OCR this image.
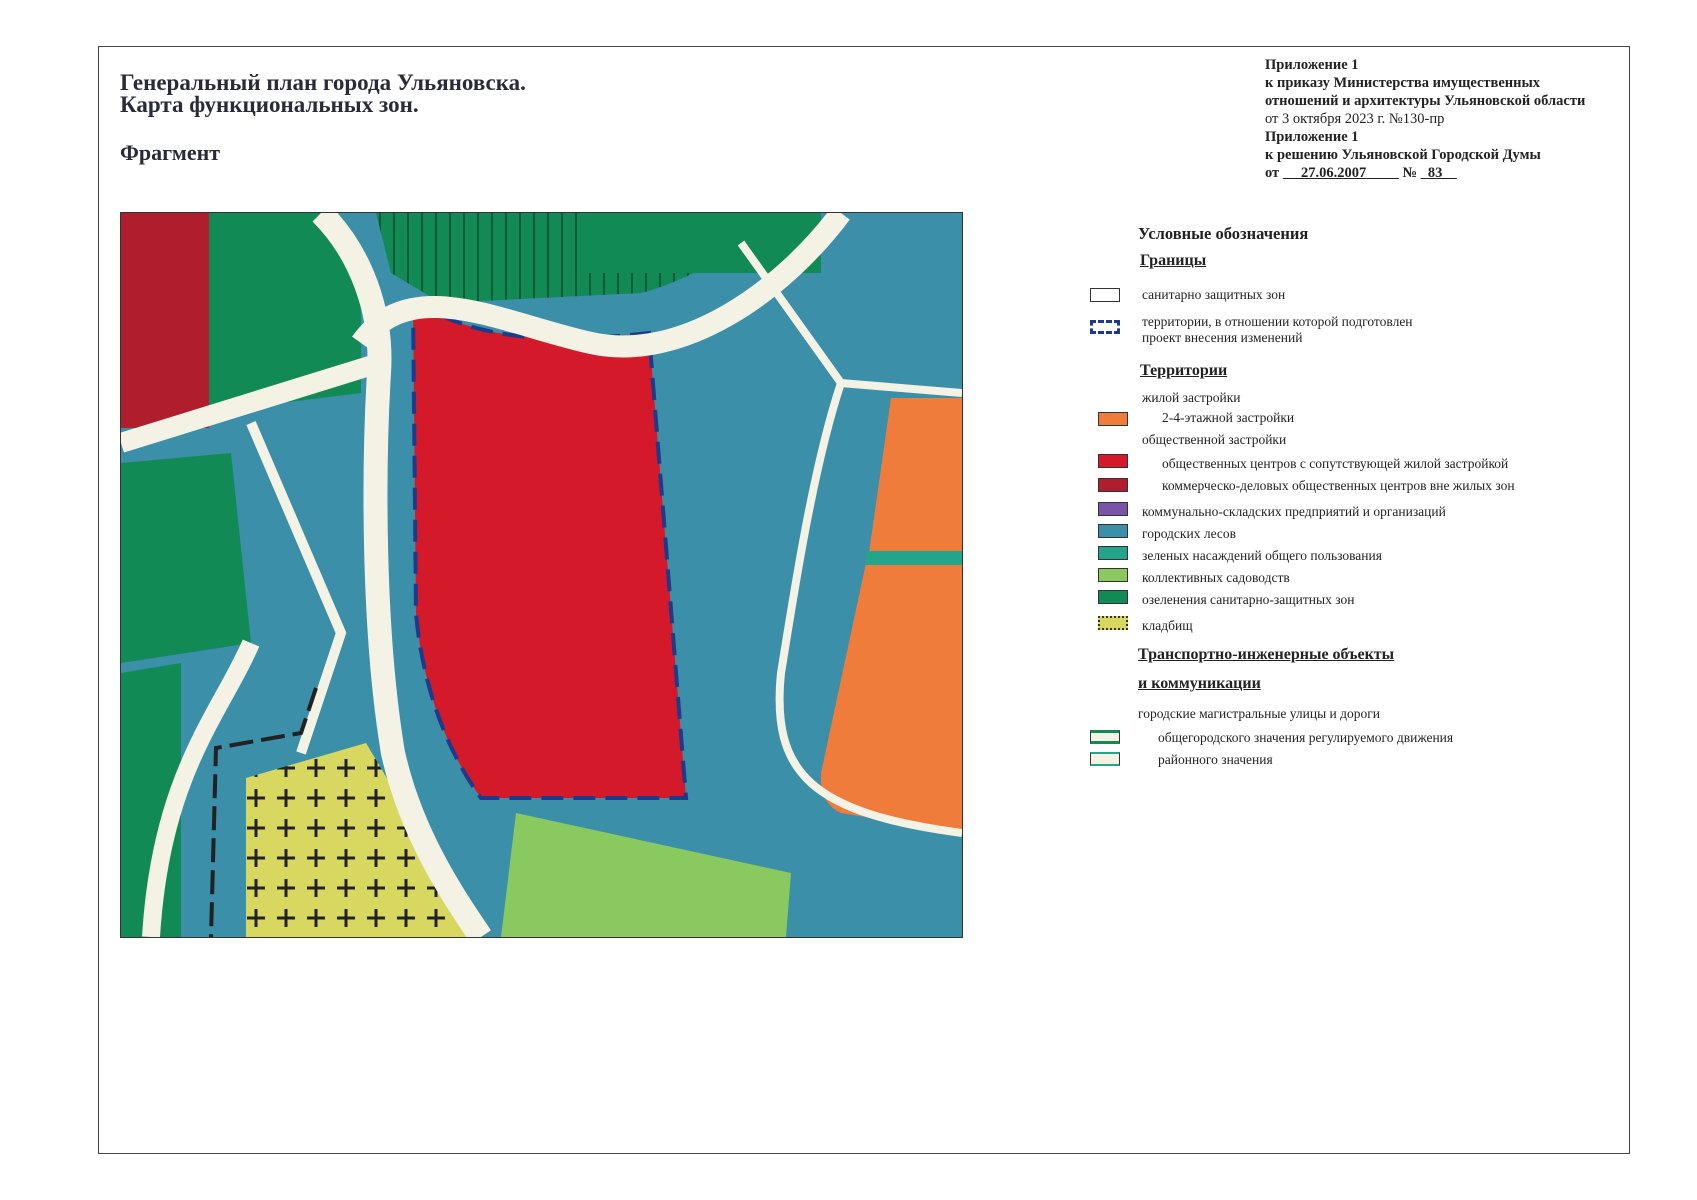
Генеральный план города Ульяновска.
Карта функциональных зон.
Фрагмент
Приложение 1
к приказу Министерства имущественных
отношений и архитектуры Ульяновской области
от 3 октября 2023 г. №130-пр
Приложение 1
к решению Ульяновской Городской Думы
от 27.06.2007	№ 83
Условные обозначения
Границы
санитарно защитных зон
территории, в отношении которой подготовлен
проект внесения изменений
Территории
жилой застройки
2-4-этажной застройки
общественной застройки
общественных центров с сопутствующей жилой застройкой
коммерческо-деловых общественных центров вне жилых зон
коммунально-складских предприятий и организаций
городских лесов
зеленых насаждений общего пользования
коллективных садоводств
озеленения санитарно-защитных зон
кладбищ
Транспортно-инженерные объекты
и коммуникации
городские магистральные улицы и дороги
общегородского значения регулируемого движения
районного значения
